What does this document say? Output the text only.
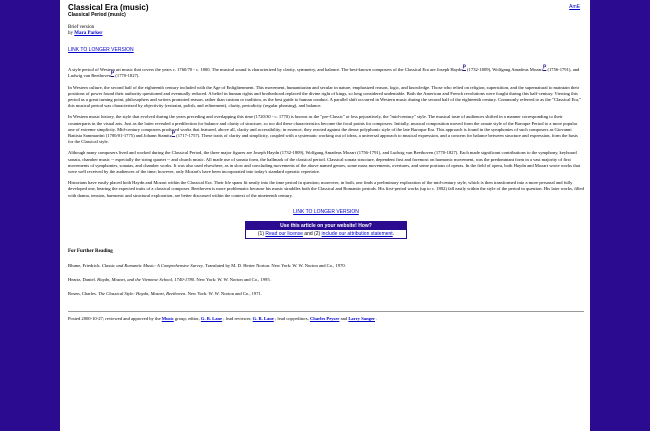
AmE
Classical Era (music)
Classical Period (music)
Brief version
by Mara Parker
LINK TO LONGER VERSION

A style period of Western art music that covers the years c. 1760/70 - c. 1800. The musical sound is characterized by clarity, symmetry, and balance. The best-known composers of the Classical Era are Joseph HaydnP (1732-1809), Wolfgang Amadeus MozartP (1756-1791), and Ludwig van BeethovenP (1770-1827).

In Western culture, the second half of the eighteenth century included with the Age of Enlightenment. This movement, humanitarian and secular in nature, emphasized reason, logic, and knowledge. Those who relied on religion, superstition, and the supernatural to maintain their positions of power found their authority questioned and eventually reduced. A belief in human rights and brotherhood replaced the divine right of kings, so long considered undeniable. Both the American and French revolutions were fought during this half-century. Viewing this period as a great turning point, philosophers and writers promoted reason, rather than custom or tradition, as the best guide to human conduct. A parallel shift occurred in Western music during the second half of the eighteenth century. Commonly referred to as the "Classical Era," this musical period was characterized by objectivity (restraint, polish, and refinement), clarity, periodicity (regular phrasing), and balance.

In Western music history, the style that evolved during the years preceding and overlapping this time (1720/30 - c. 1770) is known as the "pre-Classic" or less pejoratively, the "mid-century" style. The musical taste of audiences shifted in a manner corresponding to their counterparts in the visual arts. Just as the latter revealed a predilection for balance and clarity of structure, so too did these characteristics become the focal points for composers. Initially, musical composition moved from the ornate style of the Baroque Period to a more popular one of extreme simplicity. Mid-century composers produced works that featured, above all, clarity and accessibility; in essence, they reacted against the dense polyphonic style of the late Baroque Era. This approach is found in the symphonies of such composers as Giovanni Battista Sammartini (1700/01-1775) and Johann StamitzP (1717-1757). These traits of clarity and simplicity, coupled with a systematic working out of ideas, a universal approach to musical expression, and a concern for balance between structure and expression, form the basis for the Classical style.

Although many composers lived and worked during the Classical Period, the three major figures are Joseph Haydn (1732-1809), Wolfgang Amadeus Mozart (1756-1791), and Ludwig van Beethoven (1770-1827). Each made significant contributions to the symphony, keyboard sonata, chamber music -- especially the string quartet -- and church music. All made use of sonata form, the hallmark of the classical period. Classical sonata structure, dependent first and foremost on harmonic movement, was the predominant form in a vast majority of first movements of symphonies, sonatas, and chamber works. It was also used elsewhere, as in slow and concluding movements of the above named genres, some mass movements, overtures, and some portions of operas. In the field of opera, both Haydn and Mozart wrote works that were well received by the audiences of the time; however, only Mozart's have been incorporated into today's standard operatic repertoire.

Historians have easily placed both Haydn and Mozart within the Classical Era. Their life spans fit neatly into the time period in question; moreover, in both, one finds a preliminary exploration of the mid-century style, which is then transformed into a more personal and fully developed one, bearing the expected traits of a classical composer. Beethoven is more problematic because his music straddles both the Classical and Romantic periods. His first-period works (up to c. 1802) fall easily within the style of the period in question. His later works, filled with drama, tension, harmonic and structural exploration, are better discussed within the context of the nineteenth century.

LINK TO LONGER VERSION
Use this article on your website! How?
(1) Read our license and (2) include our attribution statement.
For Further Reading
Blume, Friedrich. Classic and Romantic Music: A Comprehensive Survey. Translated by M. D. Herter Norton. New York: W. W. Norton and Co., 1970.
Heartz, Daniel. Haydn, Mozart, and the Viennese School, 1740-1780. New York: W. W. Norton and Co., 1995.
Rosen, Charles. The Classical Style: Haydn, Mozart, Beethoven. New York: W. W. Norton and Co., 1971.
Posted 2000-10-27; reviewed and approved by the Music group; editor, G. B. Lane ; lead reviewer, G. B. Lane ; lead copyeditors, Charles Peyser and Larry Sanger .
